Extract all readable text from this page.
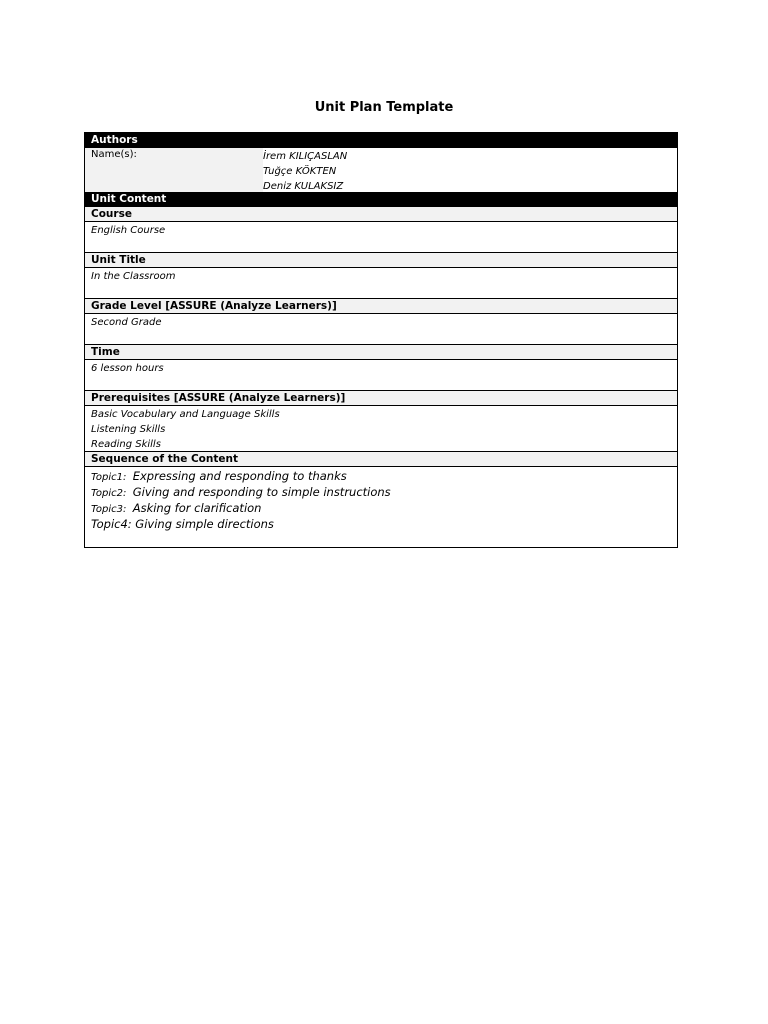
Unit Plan Template
Authors
Name(s):	İrem KILIÇASLAN
Tuğçe KÖKTEN
Deniz KULAKSIZ
Unit Content
Course
English Course
Unit Title
In the Classroom
Grade Level [ASSURE (Analyze Learners)]
Second Grade
Time
6 lesson hours
Prerequisites [ASSURE (Analyze Learners)]
Basic Vocabulary and Language Skills
Listening Skills
Reading Skills
Sequence of the Content
Topic1: Expressing and responding to thanks
Topic2: Giving and responding to simple instructions
Topic3: Asking for clarification
Topic4: Giving simple directions
